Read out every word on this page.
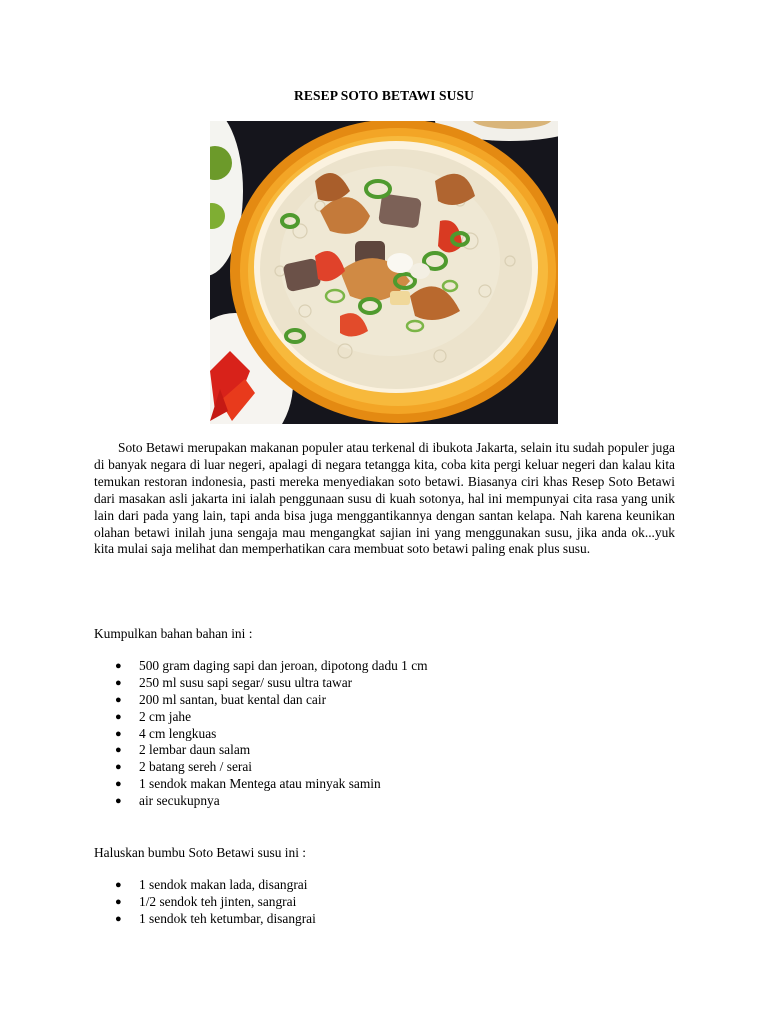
RESEP SOTO BETAWI SUSU

Soto Betawi merupakan makanan populer atau terkenal di ibukota Jakarta, selain itu sudah populer juga di banyak negara di luar negeri, apalagi di negara tetangga kita, coba kita pergi keluar negeri dan kalau kita temukan restoran indonesia, pasti mereka menyediakan soto betawi. Biasanya ciri khas Resep Soto Betawi dari masakan asli jakarta ini ialah penggunaan susu di kuah sotonya, hal ini mempunyai cita rasa yang unik lain dari pada yang lain, tapi anda bisa juga menggantikannya dengan santan kelapa. Nah karena keunikan olahan betawi inilah juna sengaja mau mengangkat sajian ini yang menggunakan susu, jika anda ok...yuk kita mulai saja melihat dan memperhatikan cara membuat soto betawi paling enak plus susu.

Kumpulkan bahan bahan ini :

● 500 gram daging sapi dan jeroan, dipotong dadu 1 cm
● 250 ml susu sapi segar/ susu ultra tawar
● 200 ml santan, buat kental dan cair
● 2 cm jahe
● 4 cm lengkuas
● 2 lembar daun salam
● 2 batang sereh / serai
● 1 sendok makan Mentega atau minyak samin
● air secukupnya

Haluskan bumbu Soto Betawi susu ini :

● 1 sendok makan lada, disangrai
● 1/2 sendok teh jinten, sangrai
● 1 sendok teh ketumbar, disangrai
